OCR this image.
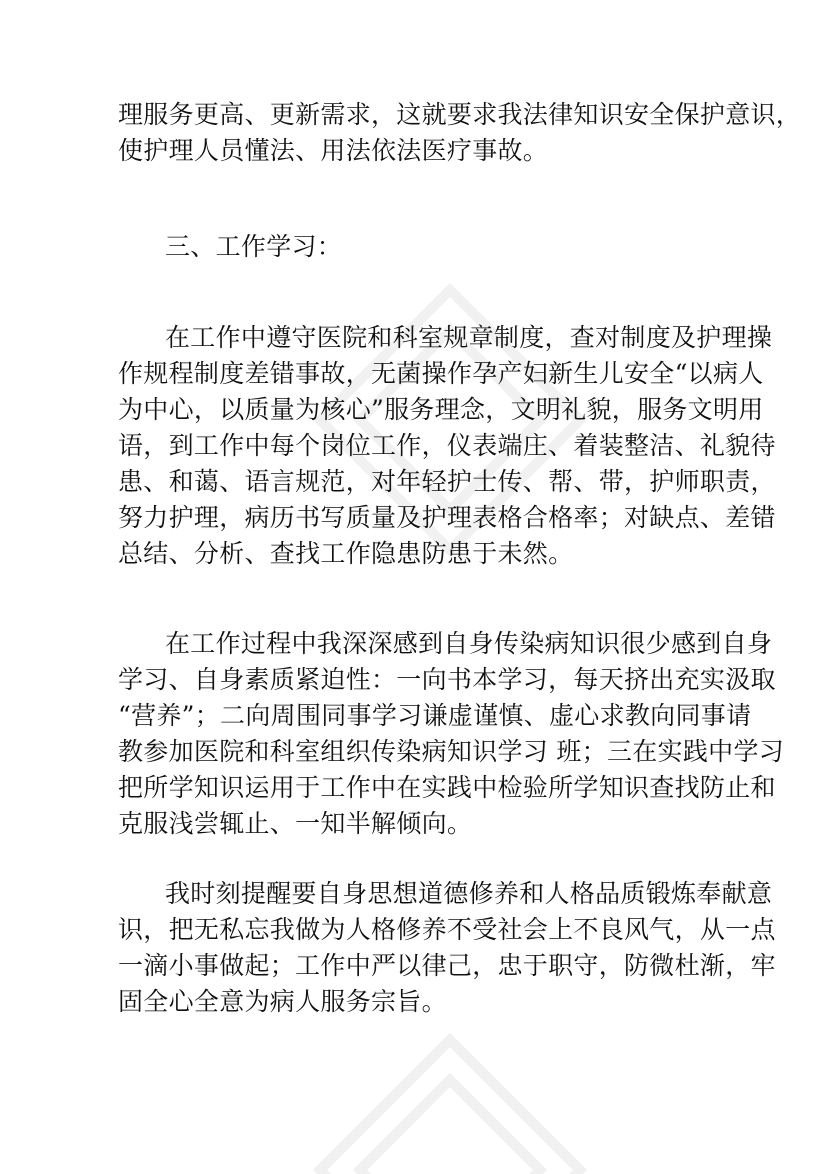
理服务更高、更新需求，这就要求我法律知识安全保护意识，
使护理人员懂法、用法依法医疗事故。
三、工作学习：
在工作中遵守医院和科室规章制度，查对制度及护理操
作规程制度差错事故，无菌操作孕产妇新生儿安全“以病人
为中心，以质量为核心”服务理念，文明礼貌，服务文明用
语，到工作中每个岗位工作，仪表端庄、着装整洁、礼貌待
患、和蔼、语言规范，对年轻护士传、帮、带，护师职责，
努力护理，病历书写质量及护理表格合格率；对缺点、差错
总结、分析、查找工作隐患防患于未然。
在工作过程中我深深感到自身传染病知识很少感到自身
学习、自身素质紧迫性：一向书本学习，每天挤出充实汲取
“营养”；二向周围同事学习谦虚谨慎、虚心求教向同事请
教参加医院和科室组织传染病知识学习 班；三在实践中学习
把所学知识运用于工作中在实践中检验所学知识查找防止和
克服浅尝辄止、一知半解倾向。
我时刻提醒要自身思想道德修养和人格品质锻炼奉献意
识，把无私忘我做为人格修养不受社会上不良风气，从一点
一滴小事做起；工作中严以律己，忠于职守，防微杜渐，牢
固全心全意为病人服务宗旨。
